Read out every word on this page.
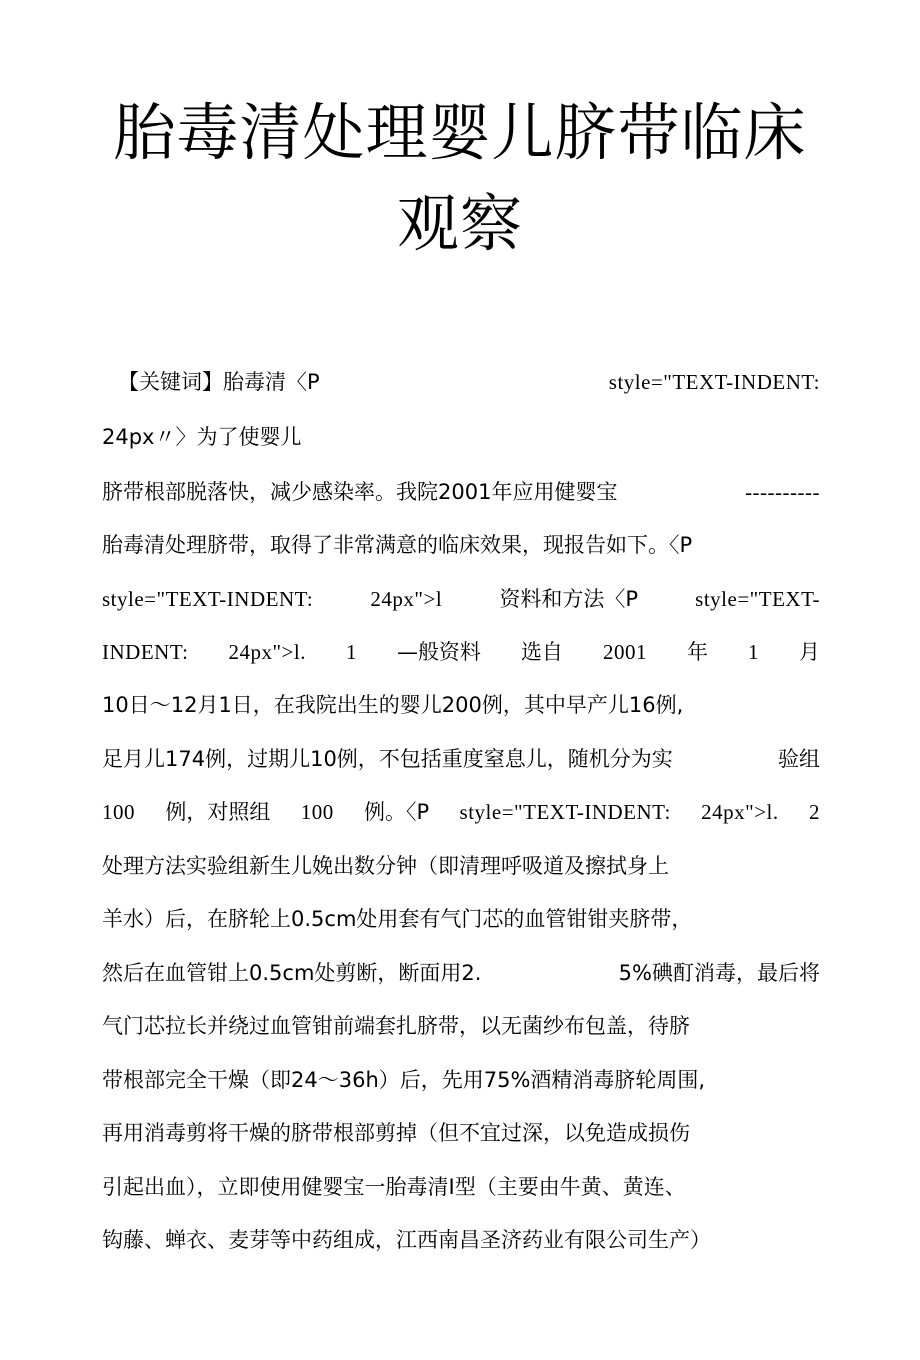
胎毒清处理婴儿脐带临床
观察
【关键词】胎毒清〈P	style="TEXT-INDENT:
24px〃〉为了使婴儿
脐带根部脱落快，减少感染率。我院2001年应用健婴宝	----------
胎毒清处理脐带，取得了非常满意的临床效果，现报告如下。〈P
style="TEXT-INDENT:	24px">l	资料和方法〈P	style="TEXT-
INDENT: 24px">l. 1 —般资料 选自 2001 年 1 月
10日～12月1日，在我院出生的婴儿200例，其中早产儿16例,
足月儿174例，过期儿10例，不包括重度窒息儿，随机分为实	验组
100 例，对照组 100 例。〈P style="TEXT-INDENT: 24px">l. 2
处理方法实验组新生儿娩出数分钟（即清理呼吸道及擦拭身上
羊水）后，在脐轮上0.5cm处用套有气门芯的血管钳钳夹脐带，
然后在血管钳上0.5cm处剪断，断面用2.	5%碘酊消毒，最后将
气门芯拉长并绕过血管钳前端套扎脐带，以无菌纱布包盖，待脐
带根部完全干燥（即24～36h）后，先用75%酒精消毒脐轮周围,
再用消毒剪将干燥的脐带根部剪掉（但不宜过深，以免造成损伤
引起出血），立即使用健婴宝一胎毒清I型（主要由牛黄、黄连、
钩藤、蝉衣、麦芽等中药组成，江西南昌圣济药业有限公司生产）
